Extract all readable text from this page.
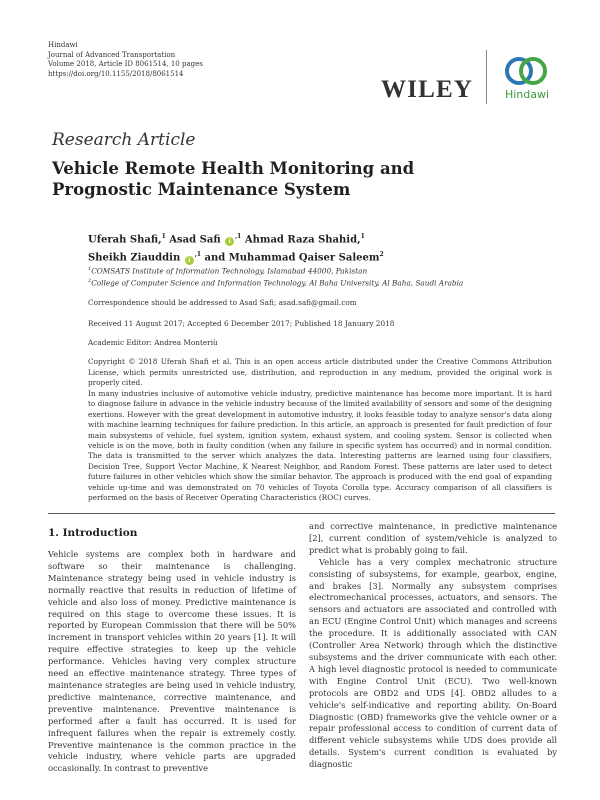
Hindawi
Journal of Advanced Transportation
Volume 2018, Article ID 8061514, 10 pages
https://doi.org/10.1155/2018/8061514
WILEY	Hindawi
Research Article
Vehicle Remote Health Monitoring and
Prognostic Maintenance System
Uferah Shafi,$^1$ Asad Safi $i^{,1}$ Ahmad Raza Shahid,$^1$
Sheikh Ziauddin $i^{,1}$ and Muhammad Qaiser Saleem$^2$
$^1$COMSATS Institute of Information Technology, Islamabad 44000, Pakistan
$^2$College of Computer Science and Information Technology, Al Baha University, Al Baha, Saudi Arabia
Correspondence should be addressed to Asad Safi; asad.safi@gmail.com
Received 11 August 2017; Accepted 6 December 2017; Published 18 January 2018
Academic Editor: Andrea Monteriù
Copyright © 2018 Uferah Shafi et al. This is an open access article distributed under the Creative Commons Attribution License, which permits unrestricted use, distribution, and reproduction in any medium, provided the original work is properly cited.
In many industries inclusive of automotive vehicle industry, predictive maintenance has become more important. It is hard to diagnose failure in advance in the vehicle industry because of the limited availability of sensors and some of the designing exertions. However with the great development in automotive industry, it looks feasible today to analyze sensor's data along with machine learning techniques for failure prediction. In this article, an approach is presented for fault prediction of four main subsystems of vehicle, fuel system, ignition system, exhaust system, and cooling system. Sensor is collected when vehicle is on the move, both in faulty condition (when any failure in specific system has occurred) and in normal condition. The data is transmitted to the server which analyzes the data. Interesting patterns are learned using four classifiers, Decision Tree, Support Vector Machine, K Nearest Neighbor, and Random Forest. These patterns are later used to detect future failures in other vehicles which show the similar behavior. The approach is produced with the end goal of expanding vehicle up-time and was demonstrated on 70 vehicles of Toyota Corolla type. Accuracy comparison of all classifiers is performed on the basis of Receiver Operating Characteristics (ROC) curves.
1. Introduction

Vehicle systems are complex both in hardware and software so their maintenance is challenging. Maintenance strategy being used in vehicle industry is normally reactive that results in reduction of lifetime of vehicle and also loss of money. Predictive maintenance is required on this stage to overcome these issues. It is reported by European Commission that there will be 50% increment in transport vehicles within 20 years [1]. It will require effective strategies to keep up the vehicle performance. Vehicles having very complex structure need an effective maintenance strategy. Three types of maintenance strategies are being used in vehicle industry, predictive maintenance, corrective maintenance, and preventive maintenance. Preventive maintenance is performed after a fault has occurred. It is used for infrequent failures when the repair is extremely costly. Preventive maintenance is the common practice in the vehicle industry, where vehicle parts are upgraded occasionally. In contrast to preventive

and corrective maintenance, in predictive maintenance [2], current condition of system/vehicle is analyzed to predict what is probably going to fail.

Vehicle has a very complex mechatronic structure consisting of subsystems, for example, gearbox, engine, and brakes [3]. Normally any subsystem comprises electromechanical processes, actuators, and sensors. The sensors and actuators are associated and controlled with an ECU (Engine Control Unit) which manages and screens the procedure. It is additionally associated with CAN (Controller Area Network) through which the distinctive subsystems and the driver communicate with each other. A high level diagnostic protocol is needed to communicate with Engine Control Unit (ECU). Two well-known protocols are OBD2 and UDS [4]. OBD2 alludes to a vehicle's self-indicative and reporting ability. On-Board Diagnostic (OBD) frameworks give the vehicle owner or a repair professional access to condition of current data of different vehicle subsystems while UDS does provide all details. System's current condition is evaluated by diagnostic
